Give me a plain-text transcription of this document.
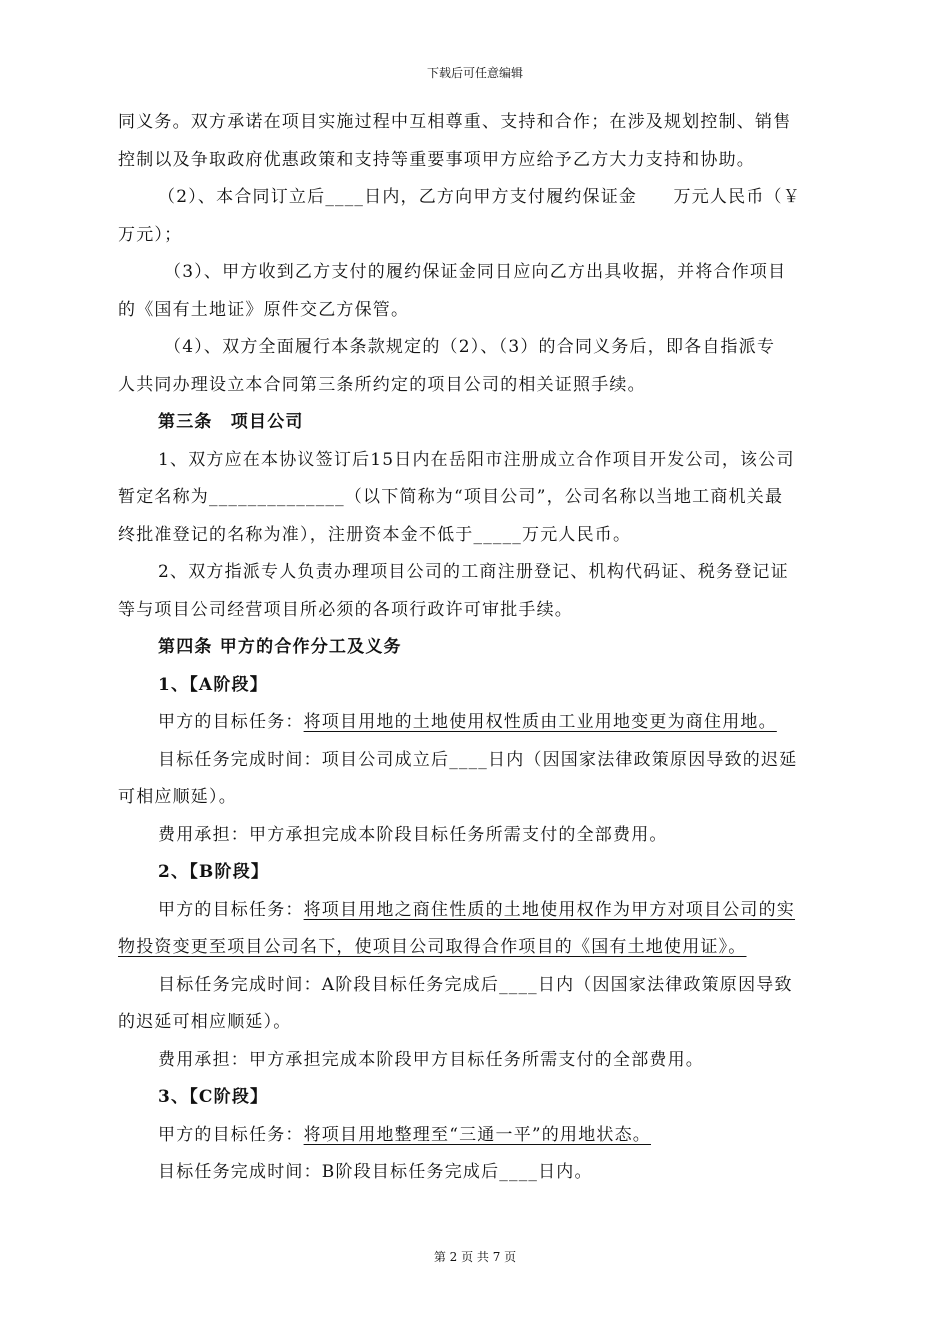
下载后可任意编辑

同义务。双方承诺在项目实施过程中互相尊重、支持和合作；在涉及规划控制、销售

控制以及争取政府优惠政策和支持等重要事项甲方应给予乙方大力支持和协助。

（2）、本合同订立后____日内，乙方向甲方支付履约保证金　　万元人民币（￥

万元）；

（3）、甲方收到乙方支付的履约保证金同日应向乙方出具收据，并将合作项目

的《国有土地证》原件交乙方保管。

（4）、双方全面履行本条款规定的（2）、（3）的合同义务后，即各自指派专

人共同办理设立本合同第三条所约定的项目公司的相关证照手续。

第三条　项目公司

1、双方应在本协议签订后15日内在岳阳市注册成立合作项目开发公司，该公司

暂定名称为______________（以下简称为“项目公司”，公司名称以当地工商机关最

终批准登记的名称为准），注册资本金不低于_____万元人民币。

2、双方指派专人负责办理项目公司的工商注册登记、机构代码证、税务登记证

等与项目公司经营项目所必须的各项行政许可审批手续。

第四条 甲方的合作分工及义务

1、【A阶段】

甲方的目标任务：将项目用地的土地使用权性质由工业用地变更为商住用地。

目标任务完成时间：项目公司成立后____日内（因国家法律政策原因导致的迟延

可相应顺延）。

费用承担：甲方承担完成本阶段目标任务所需支付的全部费用。

2、【B阶段】

甲方的目标任务：将项目用地之商住性质的土地使用权作为甲方对项目公司的实

物投资变更至项目公司名下，使项目公司取得合作项目的《国有土地使用证》。

目标任务完成时间：A阶段目标任务完成后____日内（因国家法律政策原因导致

的迟延可相应顺延）。

费用承担：甲方承担完成本阶段甲方目标任务所需支付的全部费用。

3、【C阶段】

甲方的目标任务：将项目用地整理至“三通一平”的用地状态。

目标任务完成时间：B阶段目标任务完成后____日内。

第 2 页 共 7 页
